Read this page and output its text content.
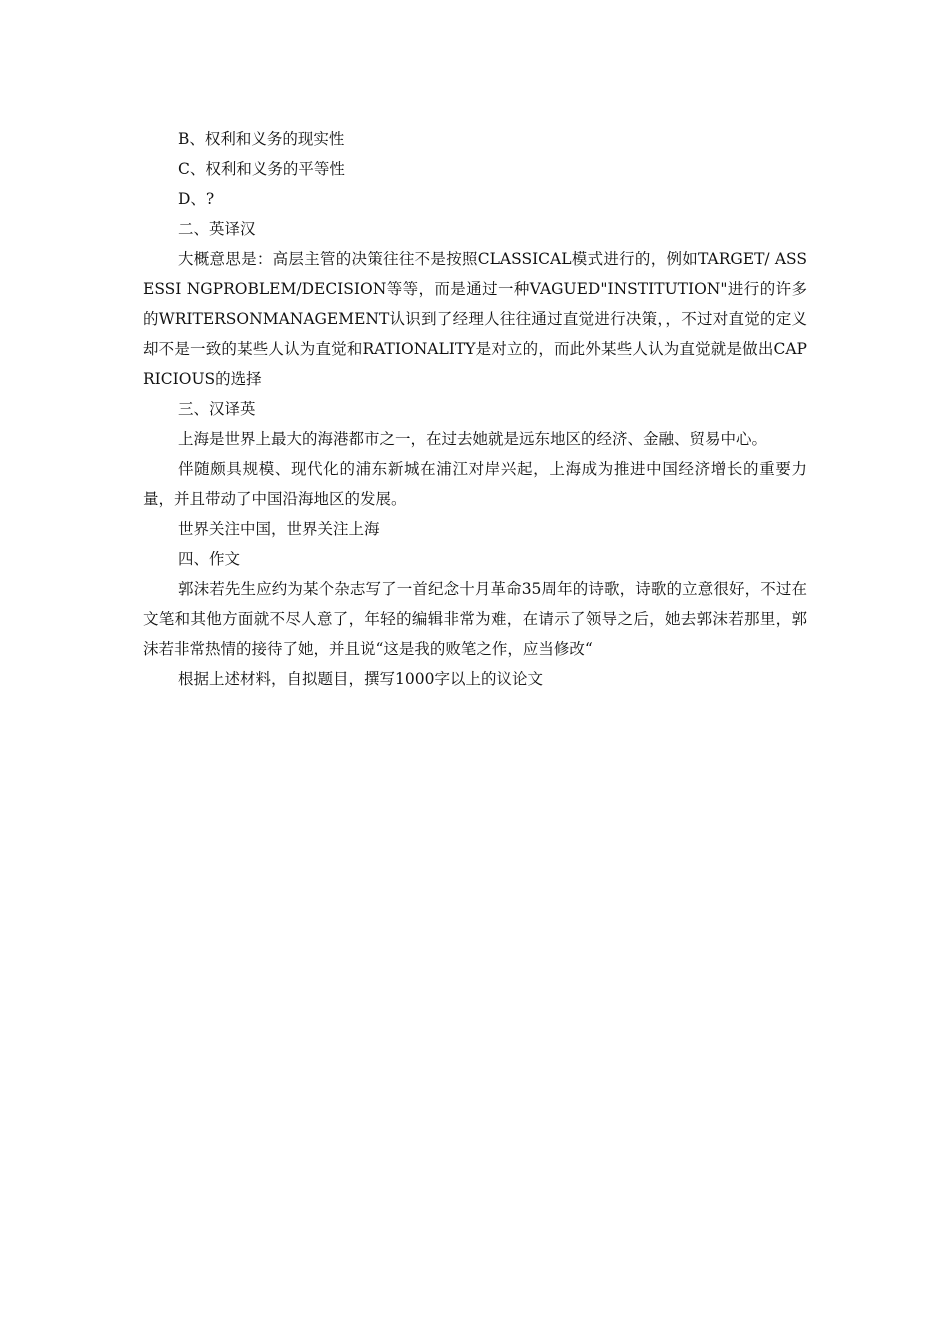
B、权利和义务的现实性

C、权利和义务的平等性

D、?

二、英译汉

大概意思是：高层主管的决策往往不是按照CLASSICAL模式进行的，例如TARGET/ ASSESSI NGPROBLEM/DECISION等等，而是通过一种VAGUED"INSTITUTION"进行的许多的WRITERSONMANAGEMENT认识到了经理人往往通过直觉进行决策，，不过对直觉的定义却不是一致的某些人认为直觉和RATIONALITY是对立的，而此外某些人认为直觉就是做出CAPRICIOUS的选择

三、汉译英

上海是世界上最大的海港都市之一，在过去她就是远东地区的经济、金融、贸易中心。

伴随颇具规模、现代化的浦东新城在浦江对岸兴起，上海成为推进中国经济增长的重要力量，并且带动了中国沿海地区的发展。

世界关注中国，世界关注上海

四、作文

郭沫若先生应约为某个杂志写了一首纪念十月革命35周年的诗歌，诗歌的立意很好，不过在文笔和其他方面就不尽人意了，年轻的编辑非常为难，在请示了领导之后，她去郭沫若那里，郭沫若非常热情的接待了她，并且说“这是我的败笔之作，应当修改“

根据上述材料，自拟题目，撰写1000字以上的议论文
